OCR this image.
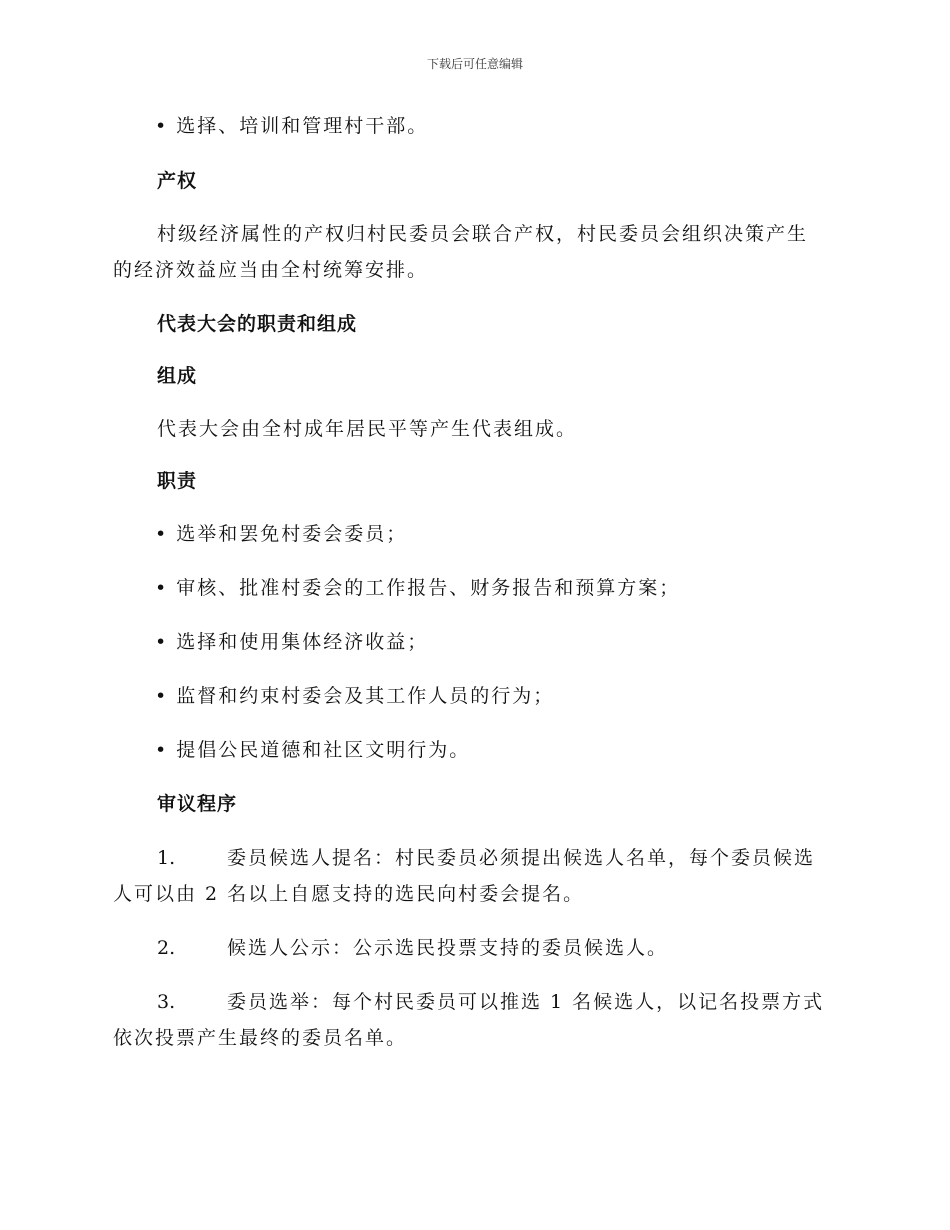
下载后可任意编辑
• 选择、培训和管理村干部。
产权
村级经济属性的产权归村民委员会联合产权，村民委员会组织决策产生
的经济效益应当由全村统筹安排。
代表大会的职责和组成
组成
代表大会由全村成年居民平等产生代表组成。
职责
• 选举和罢免村委会委员；
• 审核、批准村委会的工作报告、财务报告和预算方案；
• 选择和使用集体经济收益；
• 监督和约束村委会及其工作人员的行为；
• 提倡公民道德和社区文明行为。
审议程序
1.	委员候选人提名：村民委员必须提出候选人名单，每个委员候选
人可以由 2 名以上自愿支持的选民向村委会提名。
2.	候选人公示：公示选民投票支持的委员候选人。
3.	委员选举：每个村民委员可以推选 1 名候选人，以记名投票方式
依次投票产生最终的委员名单。
